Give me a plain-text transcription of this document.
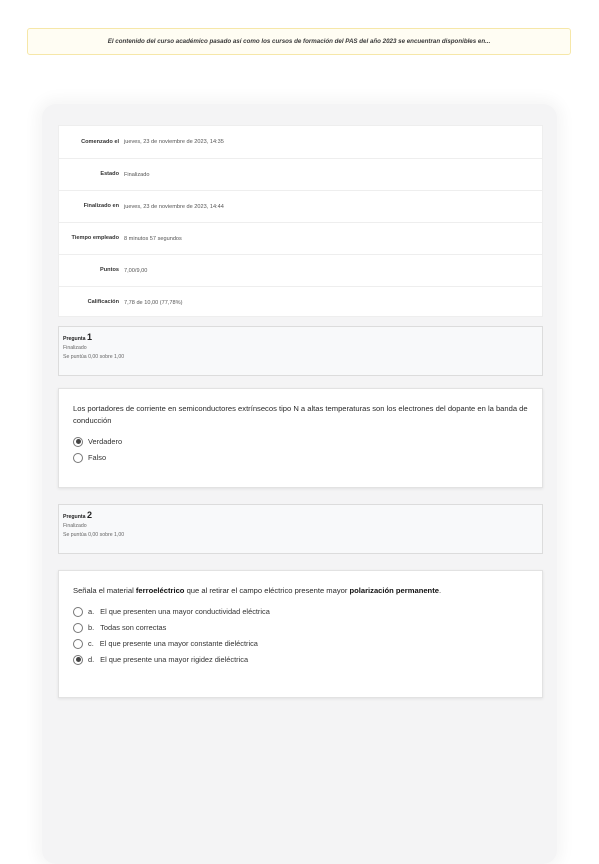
El contenido del curso académico pasado así como los cursos de formación del PAS del año 2023 se encuentran disponibles en...
Comenzado el jueves, 23 de noviembre de 2023, 14:35
Estado Finalizado
Finalizado en jueves, 23 de noviembre de 2023, 14:44
Tiempo empleado 8 minutos 57 segundos
Puntos 7,00/9,00
Calificación 7,78 de 10,00 (77,78%)
Pregunta 1
Finalizado
Se puntúa 0,00 sobre 1,00
Los portadores de corriente en semiconductores extrínsecos tipo N a altas temperaturas son los electrones del dopante en la banda de conducción
Verdadero
Falso
Pregunta 2
Finalizado
Se puntúa 0,00 sobre 1,00
Señala el material ferroeléctrico que al retirar el campo eléctrico presente mayor polarización permanente.
a. El que presenten una mayor conductividad eléctrica
b. Todas son correctas
c. El que presente una mayor constante dieléctrica
d. El que presente una mayor rigidez dieléctrica
